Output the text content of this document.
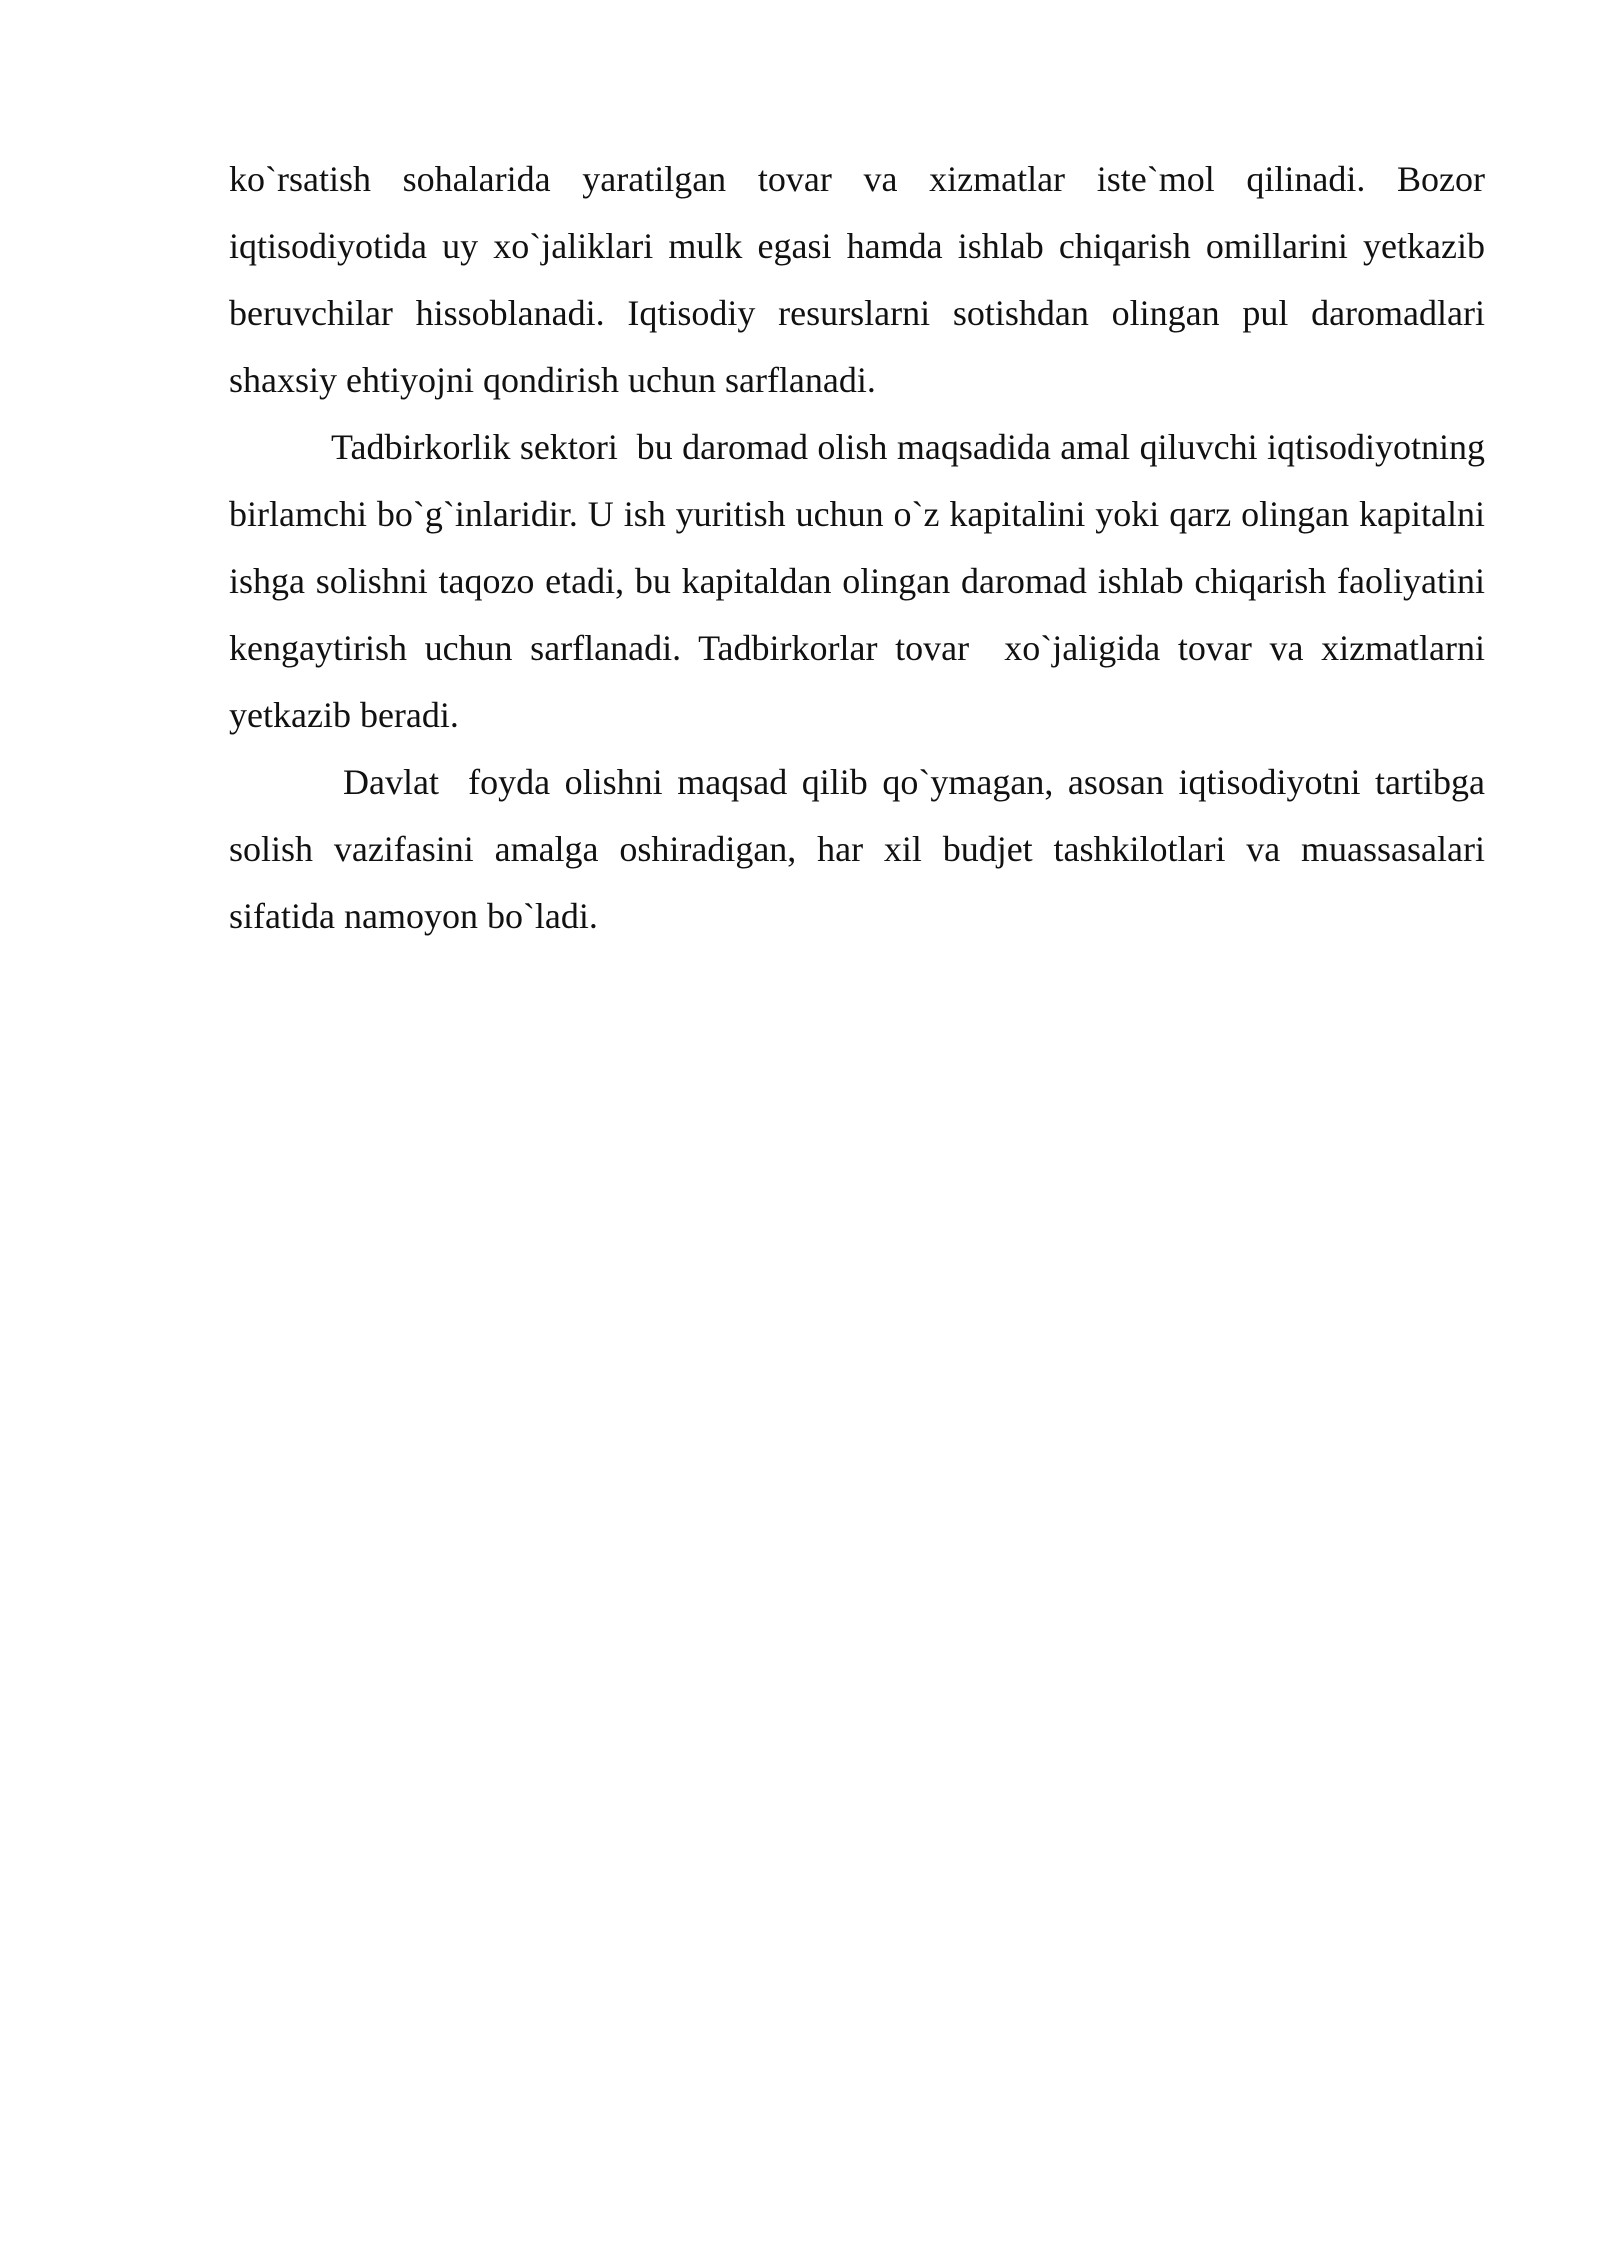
ko`rsatish sohalarida yaratilgan tovar va xizmatlar iste`mol qilinadi. Bozor iqtisodiyotida uy xo`jaliklari mulk egasi hamda ishlab chiqarish omillarini yetkazib beruvchilar hissoblanadi. Iqtisodiy resurslarni sotishdan olingan pul daromadlari shaxsiy ehtiyojni qondirish uchun sarflanadi.

Tadbirkorlik sektori  bu daromad olish maqsadida amal qiluvchi iqtisodiyotning birlamchi bo`g`inlaridir. U ish yuritish uchun o`z kapitalini yoki qarz olingan kapitalni ishga solishni taqozo etadi, bu kapitaldan olingan daromad ishlab chiqarish faoliyatini kengaytirish uchun sarflanadi. Tadbirkorlar tovar  xo`jaligida tovar va xizmatlarni yetkazib beradi.

Davlat  foyda olishni maqsad qilib qo`ymagan, asosan iqtisodiyotni tartibga solish vazifasini amalga oshiradigan, har xil budjet tashkilotlari va muassasalari sifatida namoyon bo`ladi.
